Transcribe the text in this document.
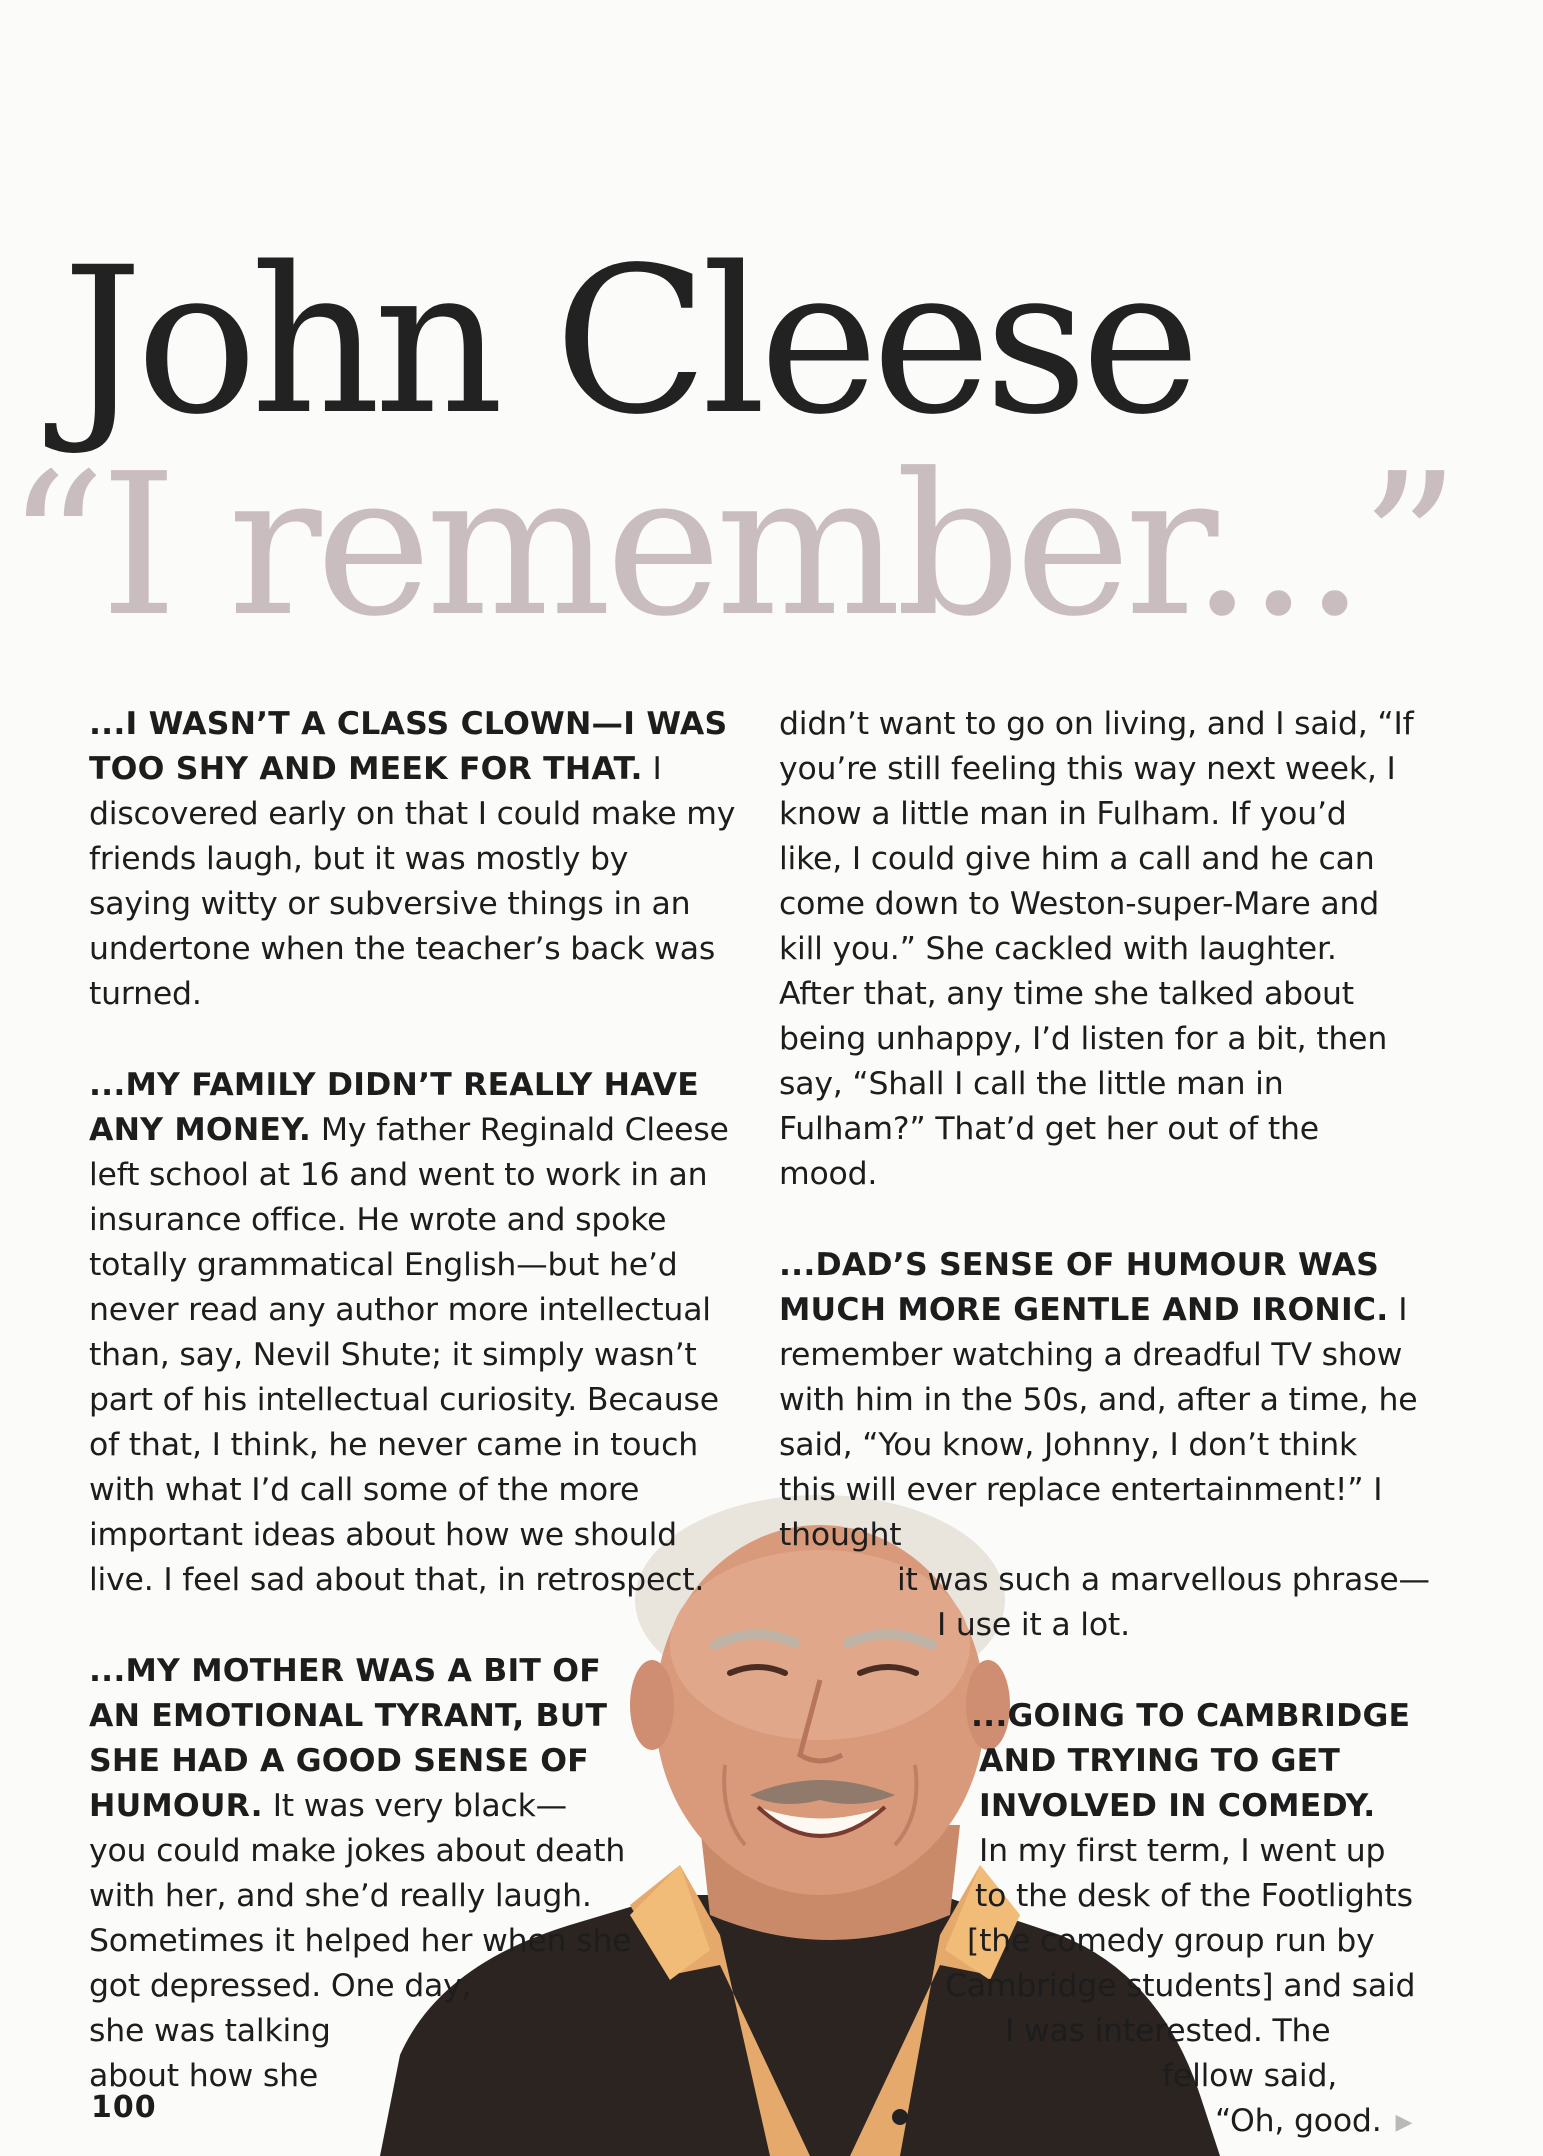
John Cleese
“I remember...”

...I WASN’T A CLASS CLOWN—I WAS TOO SHY AND MEEK FOR THAT. I discovered early on that I could make my friends laugh, but it was mostly by saying witty or subversive things in an undertone when the teacher’s back was turned.

...MY FAMILY DIDN’T REALLY HAVE ANY MONEY. My father Reginald Cleese left school at 16 and went to work in an insurance office. He wrote and spoke totally grammatical English—but he’d never read any author more intellectual than, say, Nevil Shute; it simply wasn’t part of his intellectual curiosity. Because of that, I think, he never came in touch with what I’d call some of the more important ideas about how we should live. I feel sad about that, in retrospect.

...MY MOTHER WAS A BIT OF AN EMOTIONAL TYRANT, BUT SHE HAD A GOOD SENSE OF HUMOUR. It was very black—
you could make jokes about death
with her, and she’d really laugh.
Sometimes it helped her when she
got depressed. One day,
she was talking
about how she

didn’t want to go on living, and I said, “If you’re still feeling this way next week, I know a little man in Fulham. If you’d like, I could give him a call and he can come down to Weston-super-Mare and kill you.” She cackled with laughter. After that, any time she talked about being unhappy, I’d listen for a bit, then say, “Shall I call the little man in Fulham?” That’d get her out of the mood.

...DAD’S SENSE OF HUMOUR WAS MUCH MORE GENTLE AND IRONIC. I remember watching a dreadful TV show with him in the 50s, and, after a time, he said, “You know, Johnny, I don’t think this will ever replace entertainment!” I thought
it was such a marvellous phrase—
I use it a lot.

...GOING TO CAMBRIDGE
AND TRYING TO GET
INVOLVED IN COMEDY.
In my first term, I went up
to the desk of the Footlights
[the comedy group run by
Cambridge students] and said
I was interested. The
fellow said,
“Oh, good. ▶

100
